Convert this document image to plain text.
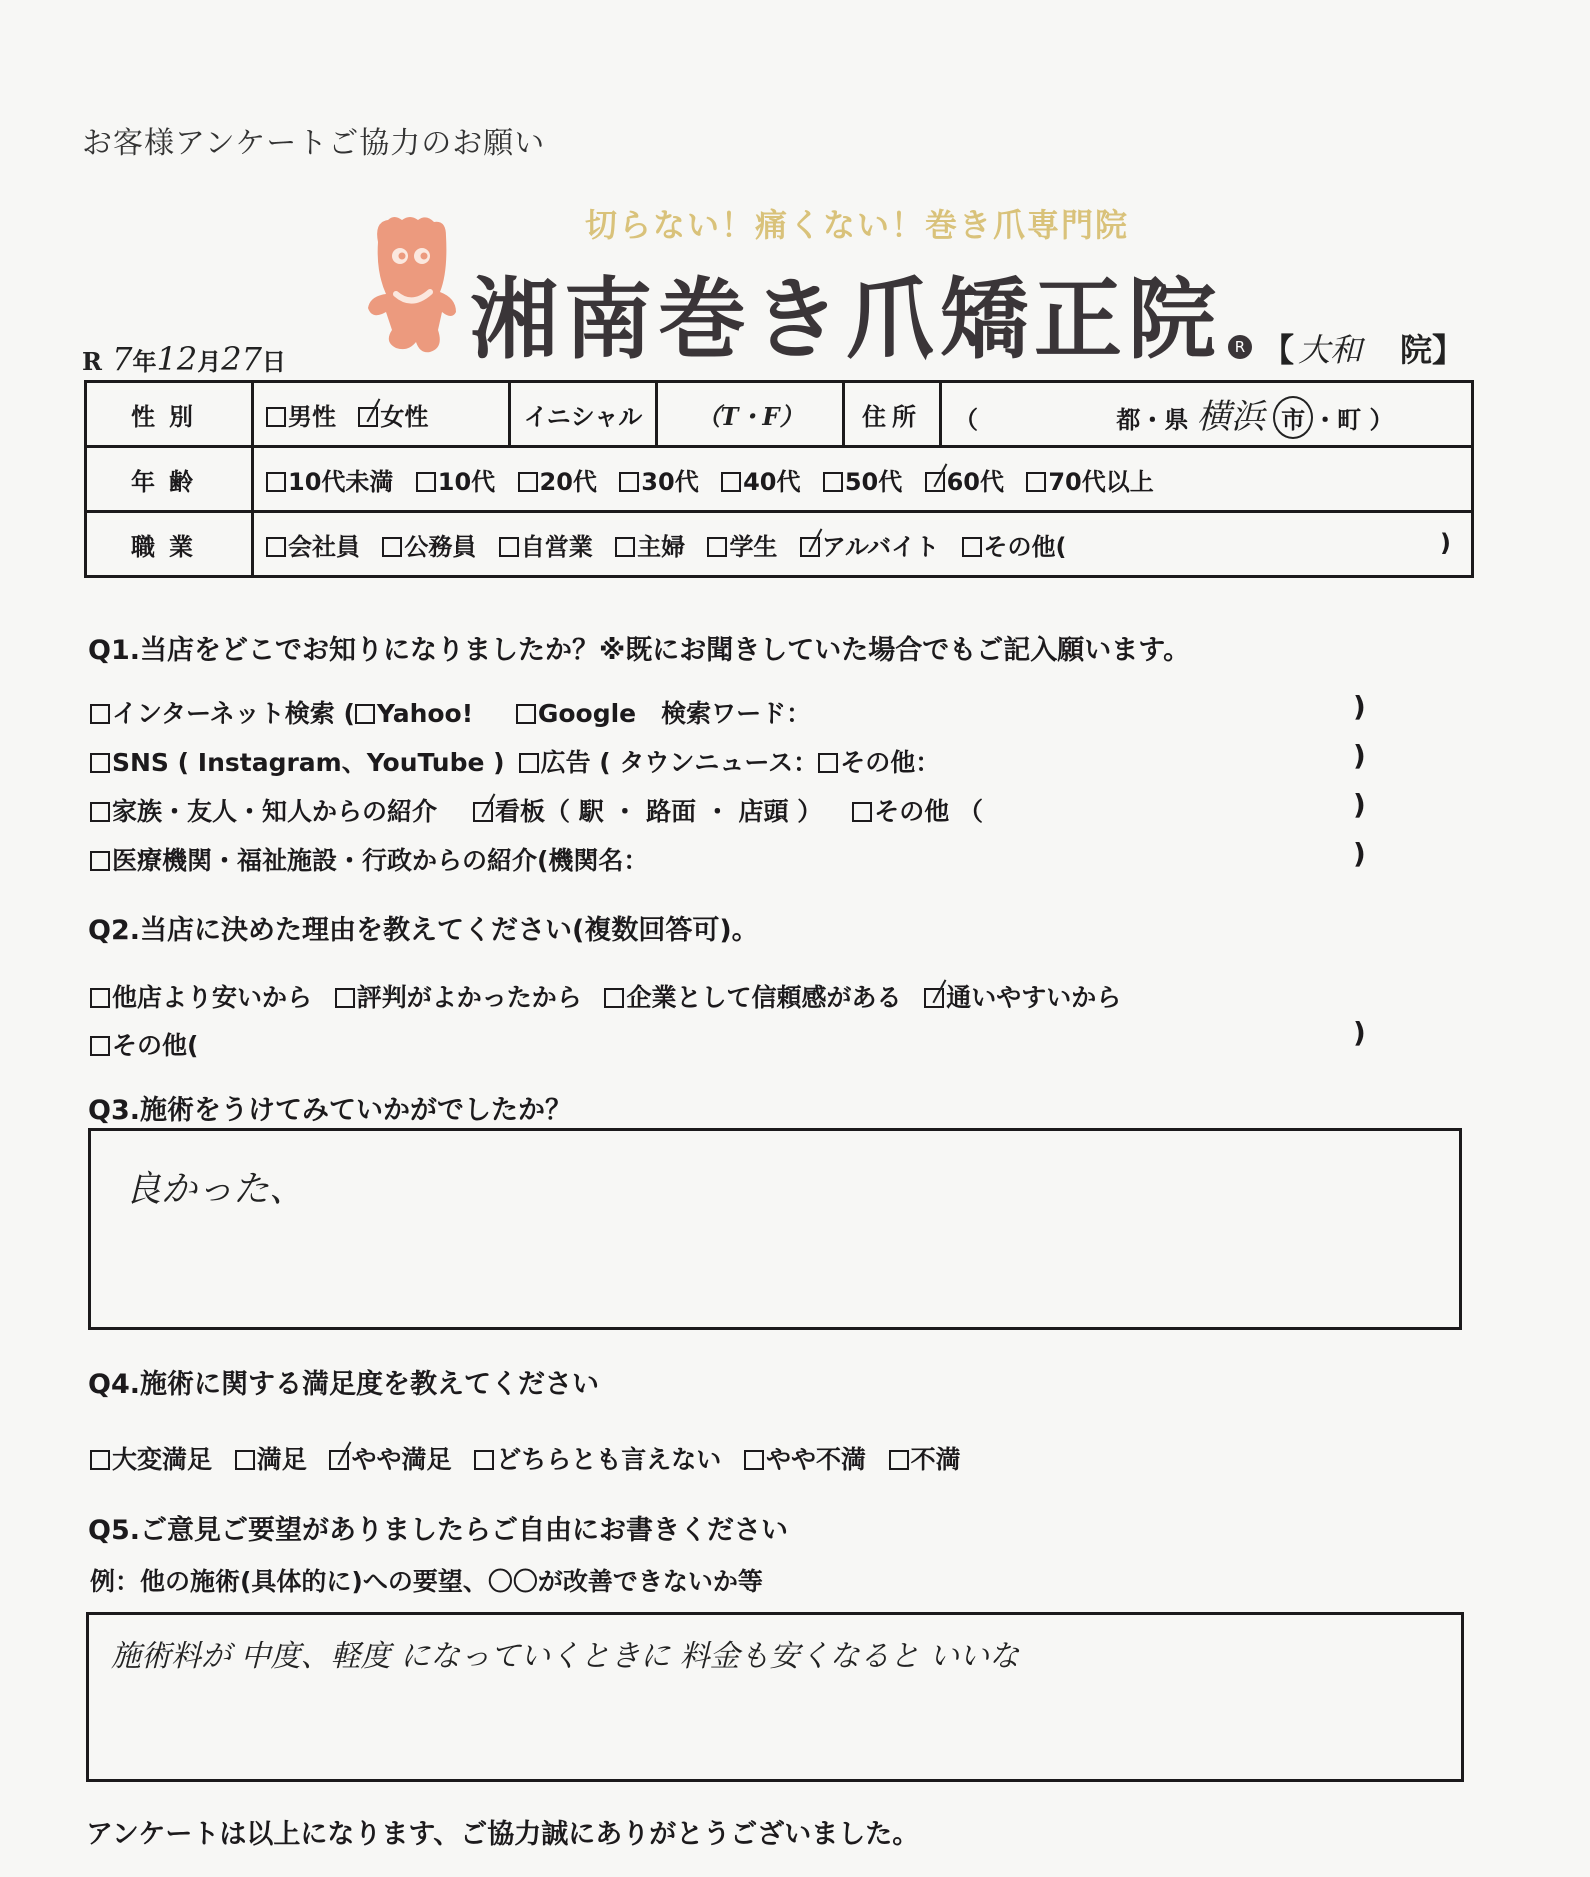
お客様アンケートご協力のお願い
切らない！痛くない！巻き爪専門院
湘南巻き爪矯正院 R 【 大和 院】
R 7年12月27日
性別	男性 女性	イニシャル	（T・F）	住所	（ 都・県 横浜 市 ・町 ）
年齢	10代未満 10代 20代 30代 40代 50代 60代 70代以上				
職業	会社員 公務員 自営業 主婦 学生 アルバイト その他( )				
Q1.当店をどこでお知りになりましたか？※既にお聞きしていた場合でもご記入願います。
インターネット検索 ( Yahoo!	Google　検索ワード：	)
SNS ( Instagram、YouTube ) 広告 ( タウンニュース： その他：	)
家族・友人・知人からの紹介 看板（ 駅 ・ 路面 ・ 店頭 ） その他 （	)
医療機関・福祉施設・行政からの紹介(機関名：	)
Q2.当店に決めた理由を教えてください(複数回答可)。
他店より安いから 評判がよかったから 企業として信頼感がある 通いやすいから
その他(	)
Q3.施術をうけてみていかがでしたか？
良かった、
Q4.施術に関する満足度を教えてください
大変満足 満足 やや満足 どちらとも言えない やや不満 不満
Q5.ご意見ご要望がありましたらご自由にお書きください
例：他の施術(具体的に)への要望、〇〇が改善できないか等
施術料が 中度、軽度 になっていくときに 料金も安くなると いいな
アンケートは以上になります、ご協力誠にありがとうございました。
